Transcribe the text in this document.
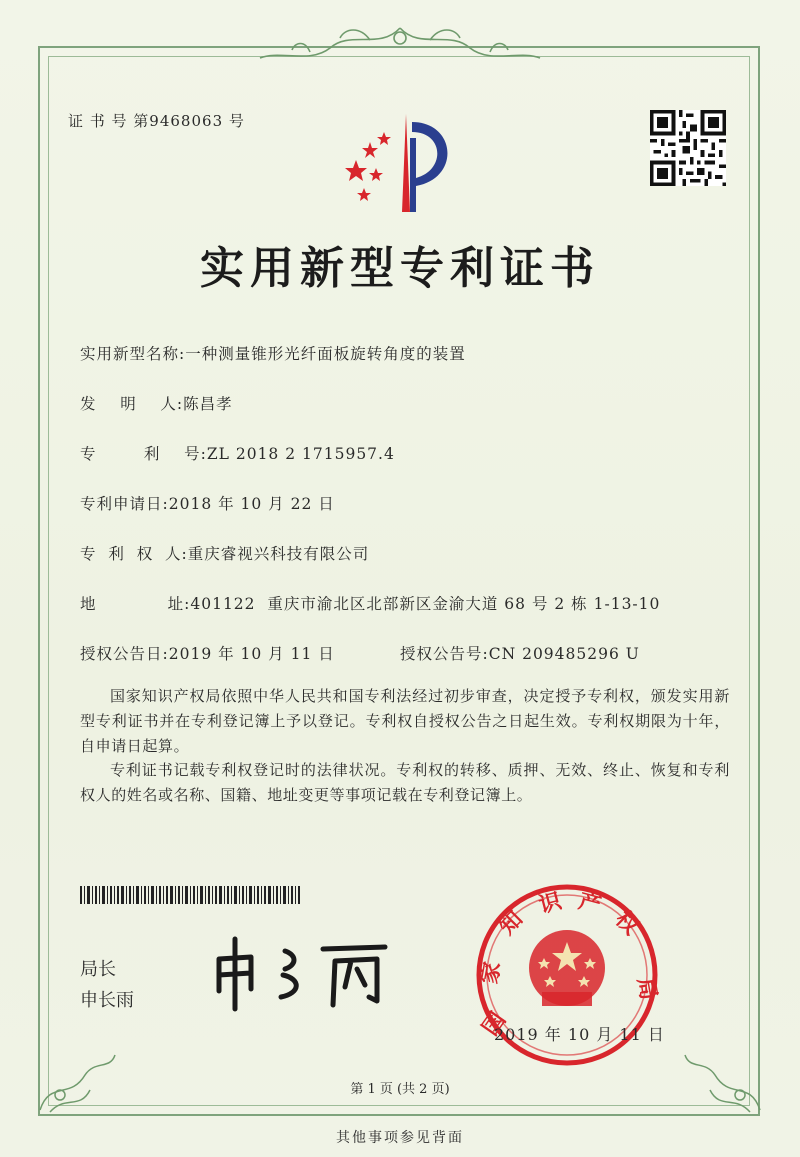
证 书 号 第9468063 号
实用新型专利证书
实用新型名称:一种测量锥形光纤面板旋转角度的装置
发    明    人:陈昌孝
专        利    号:ZL 2018 2 1715957.4
专利申请日:2018 年 10 月 22 日
专  利  权  人:重庆睿视兴科技有限公司
地            址:401122  重庆市渝北区北部新区金渝大道 68 号 2 栋 1-13-10
授权公告日:2019 年 10 月 11 日	授权公告号:CN 209485296 U
国家知识产权局依照中华人民共和国专利法经过初步审查，决定授予专利权，颁发实用新型专利证书并在专利登记簿上予以登记。专利权自授权公告之日起生效。专利权期限为十年，自申请日起算。
专利证书记载专利权登记时的法律状况。专利权的转移、质押、无效、终止、恢复和专利权人的姓名或名称、国籍、地址变更等事项记载在专利登记簿上。
局长
申长雨
国
家
知
识 产
权
局
2019 年 10 月 11 日
第 1 页 (共 2 页)
其他事项参见背面
